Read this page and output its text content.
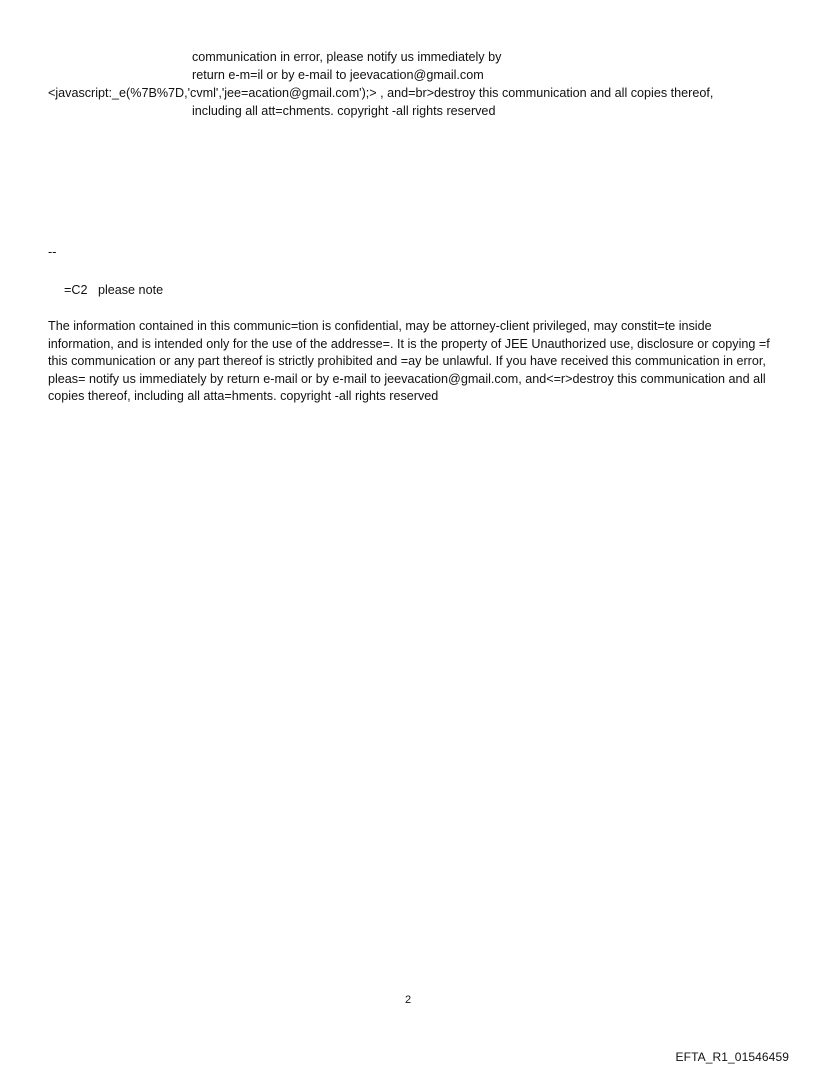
communication in error, please notify us immediately by
return e-m=il or by e-mail to jeevacation@gmail.com
<javascript:_e(%7B%7D,'cvml','jee=acation@gmail.com');> , and=br>destroy this communication and all copies thereof,
including all att=chments. copyright -all rights reserved
--
=C2   please note
The information contained in this communic=tion is confidential, may be attorney-client privileged, may constit=te inside information, and is intended only for the use of the addresse=. It is the property of JEE Unauthorized use, disclosure or copying =f this communication or any part thereof is strictly prohibited and =ay be unlawful. If you have received this communication in error, pleas= notify us immediately by return e-mail or by e-mail to jeevacation@gmail.com, and<=r>destroy this communication and all copies thereof, including all atta=hments. copyright -all rights reserved
2
EFTA_R1_01546459
